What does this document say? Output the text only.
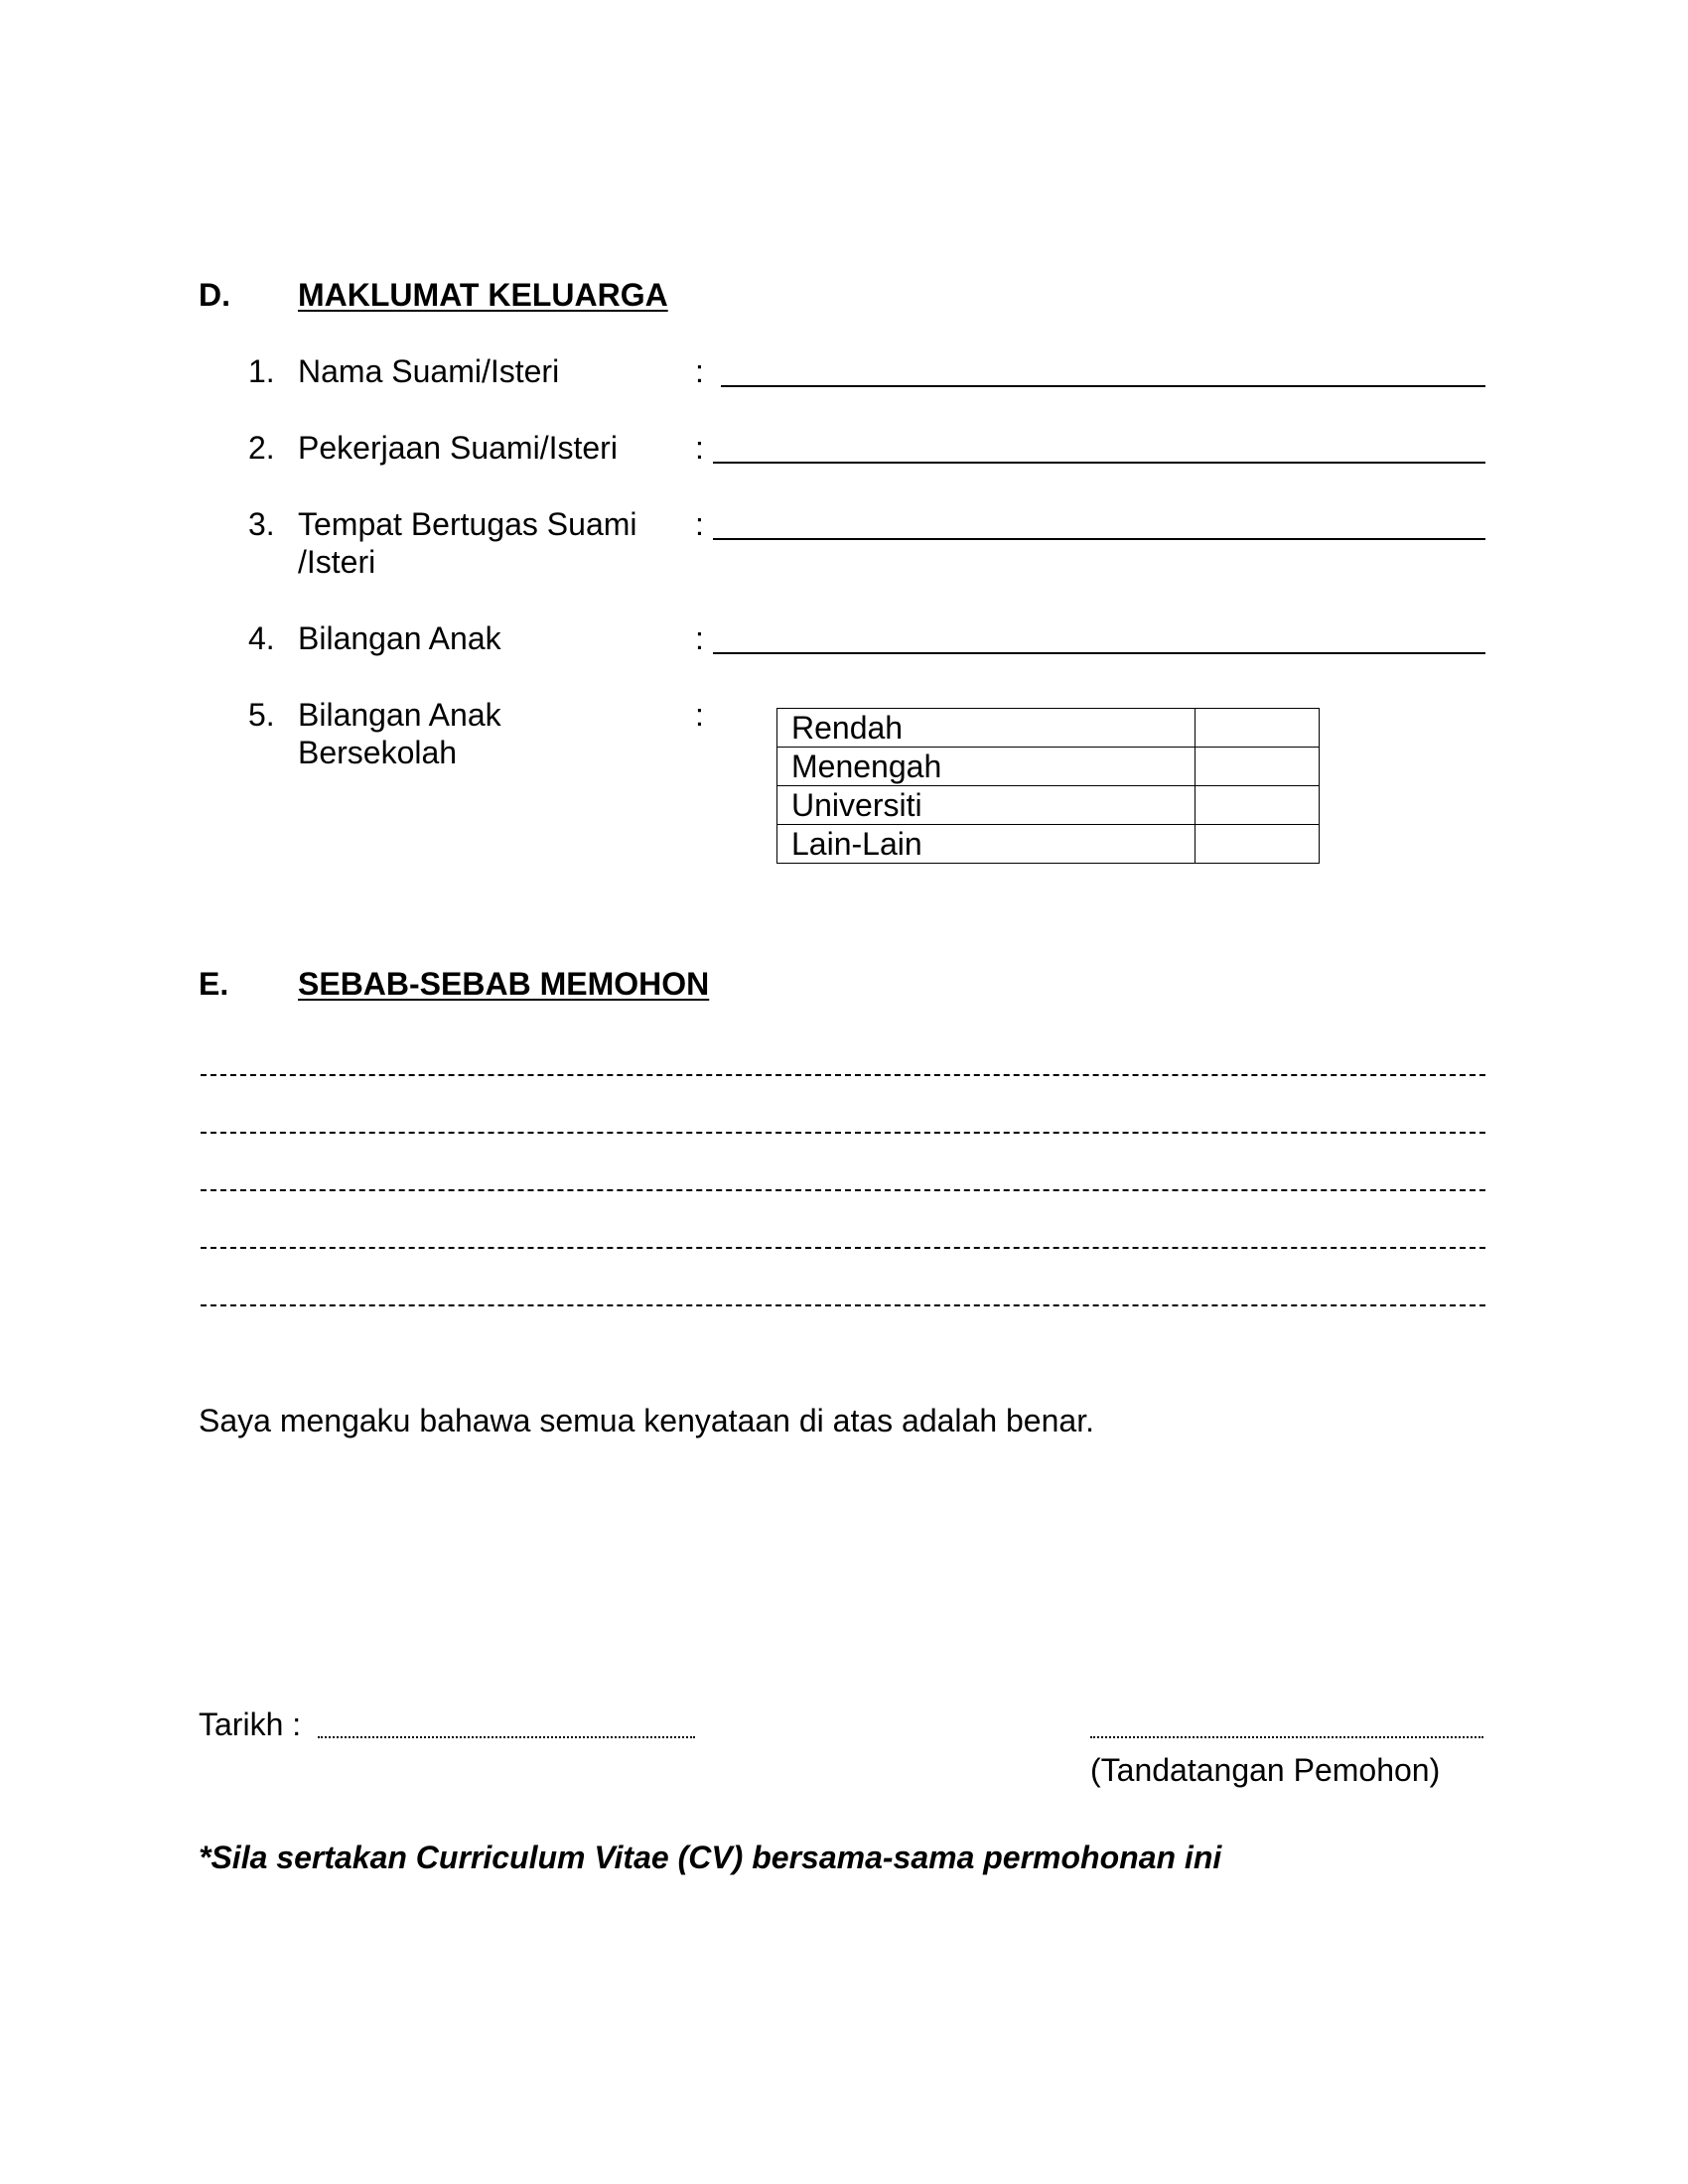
D. MAKLUMAT KELUARGA
1. Nama Suami/Isteri	:
2. Pekerjaan Suami/Isteri :
3. Tempat Bertugas Suami
/Isteri
:
4. Bilangan Anak	:
5. Bilangan Anak
Bersekolah
:	Rendah	
Menengah	
Universiti	
Lain-Lain	
E. SEBAB-SEBAB MEMOHON
Saya mengaku bahawa semua kenyataan di atas adalah benar.
Tarikh :
(Tandatangan Pemohon)
*Sila sertakan Curriculum Vitae (CV) bersama-sama permohonan ini
